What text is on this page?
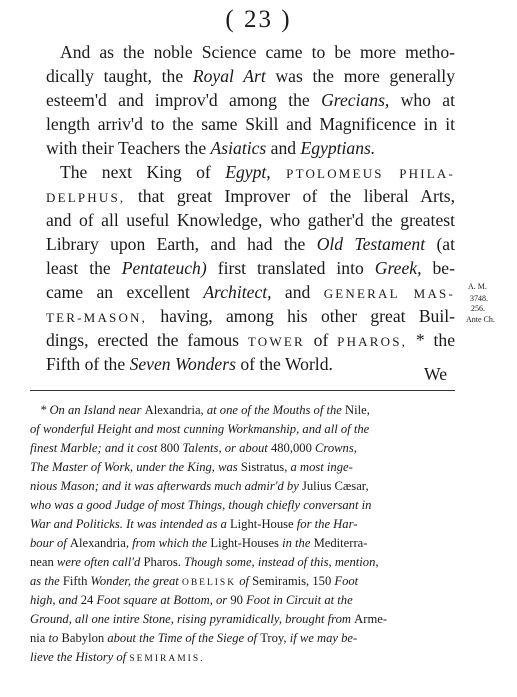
( 23 )
And as the noble Science came to be more metho-
dically taught, the Royal Art was the more generally
esteem'd and improv'd among the Grecians, who at
length arriv'd to the same Skill and Magnificence in it
with their Teachers the Asiatics and Egyptians.
The next King of Egypt, PTOLOMEUS PHILA-
DELPHUS, that great Improver of the liberal Arts,
and of all useful Knowledge, who gather'd the greatest
Library upon Earth, and had the Old Testament (at
least the Pentateuch) first translated into Greek, be-
came an excellent Architect, and GENERAL MAS-
TER-MASON, having, among his other great Buil-
dings, erected the famous TOWER of PHAROS, * the
Fifth of the Seven Wonders of the World.	We
A. M.
3748.
256.
Ante Ch.
* On an Island near Alexandria, at one of the Mouths of the Nile,
of wonderful Height and most cunning Workmanship, and all of the
finest Marble; and it cost 800 Talents, or about 480,000 Crowns,
The Master of Work, under the King, was Sistratus, a most inge-
nious Mason; and it was afterwards much admir'd by Julius Cæsar,
who was a good Judge of most Things, though chiefly conversant in
War and Politicks. It was intended as a Light-House for the Har-
bour of Alexandria, from which the Light-Houses in the Mediterra-
nean were often call'd Pharos. Though some, instead of this, mention,
as the Fifth Wonder, the great OBELISK of Semiramis, 150 Foot
high, and 24 Foot square at Bottom, or 90 Foot in Circuit at the
Ground, all one intire Stone, rising pyramidically, brought from Arme-
nia to Babylon about the Time of the Siege of Troy, if we may be-
lieve the History of SEMIRAMIS.
